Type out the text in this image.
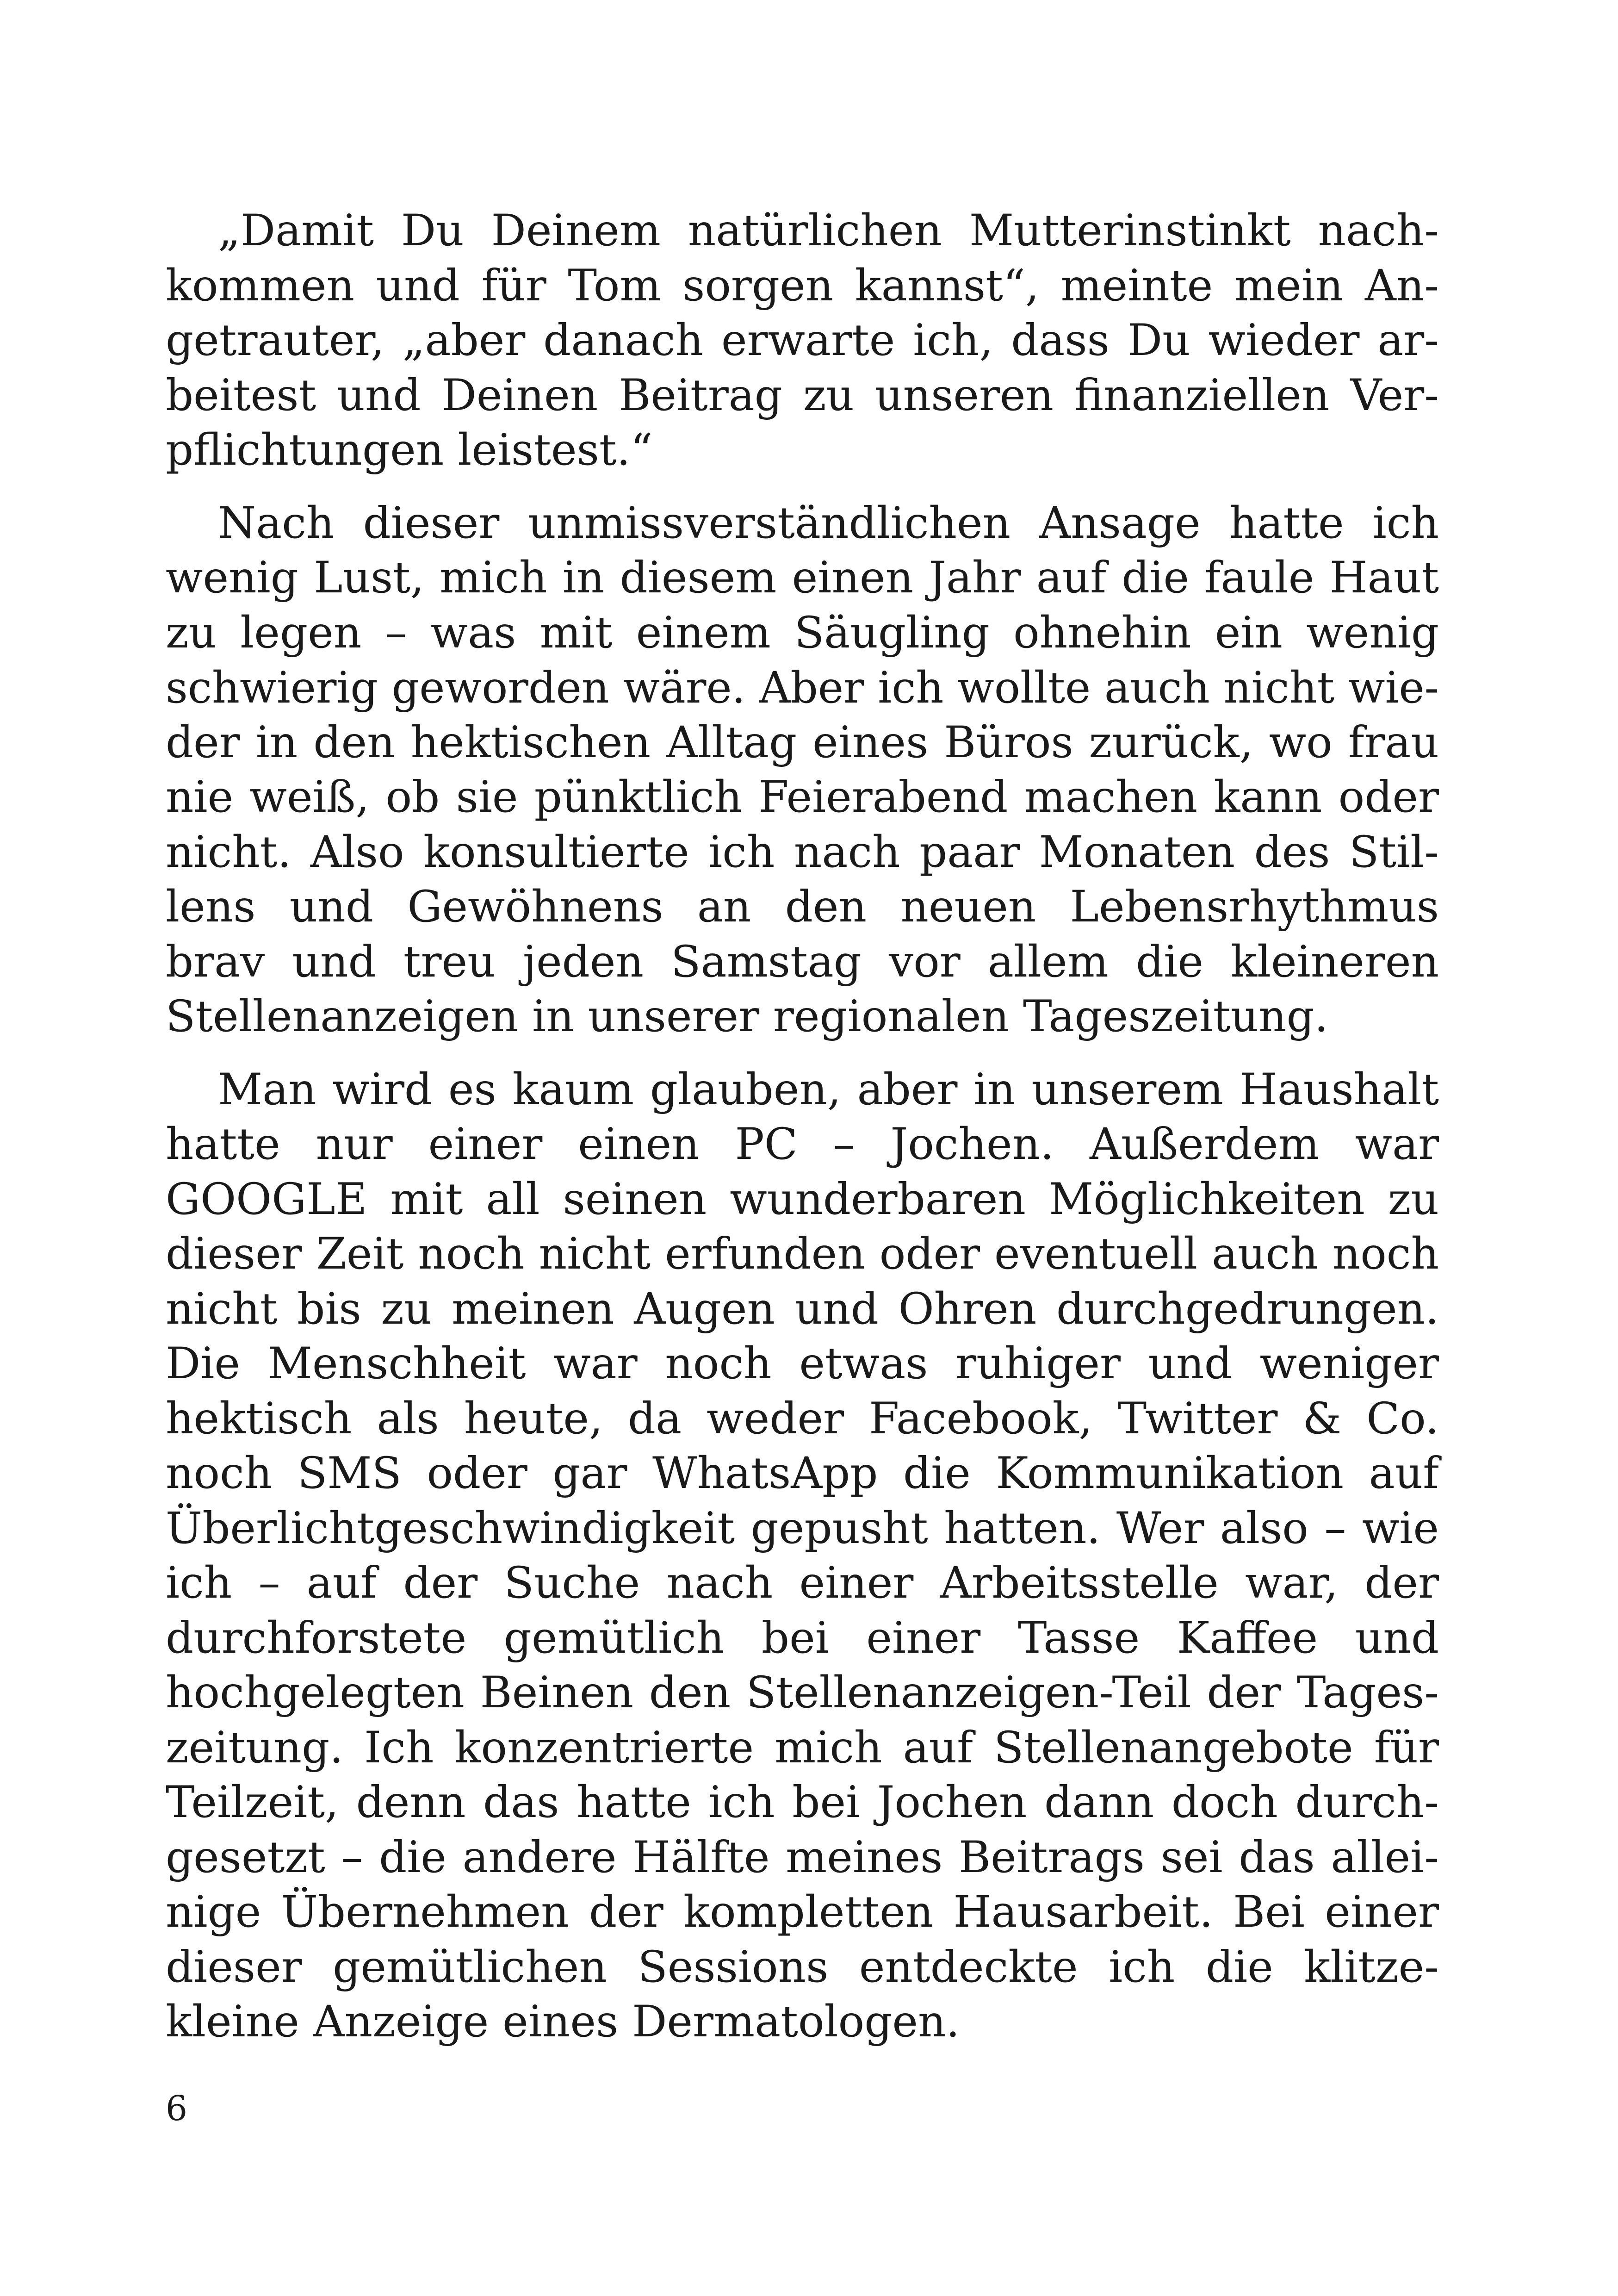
„Damit Du Deinem natürlichen Mutterinstinkt nach-
kommen und für Tom sorgen kannst“, meinte mein An-
getrauter, „aber danach erwarte ich, dass Du wieder ar-
beitest und Deinen Beitrag zu unseren finanziellen Ver-
pflichtungen leistest.“
Nach dieser unmissverständlichen Ansage hatte ich
wenig Lust, mich in diesem einen Jahr auf die faule Haut
zu legen – was mit einem Säugling ohnehin ein wenig
schwierig geworden wäre. Aber ich wollte auch nicht wie-
der in den hektischen Alltag eines Büros zurück, wo frau
nie weiß, ob sie pünktlich Feierabend machen kann oder
nicht. Also konsultierte ich nach paar Monaten des Stil-
lens und Gewöhnens an den neuen Lebensrhythmus
brav und treu jeden Samstag vor allem die kleineren
Stellenanzeigen in unserer regionalen Tageszeitung.
Man wird es kaum glauben, aber in unserem Haushalt
hatte nur einer einen PC – Jochen. Außerdem war
GOOGLE mit all seinen wunderbaren Möglichkeiten zu
dieser Zeit noch nicht erfunden oder eventuell auch noch
nicht bis zu meinen Augen und Ohren durchgedrungen.
Die Menschheit war noch etwas ruhiger und weniger
hektisch als heute, da weder Facebook, Twitter & Co.
noch SMS oder gar WhatsApp die Kommunikation auf
Überlichtgeschwindigkeit gepusht hatten. Wer also – wie
ich – auf der Suche nach einer Arbeitsstelle war, der
durchforstete gemütlich bei einer Tasse Kaffee und
hochgelegten Beinen den Stellenanzeigen-Teil der Tages-
zeitung. Ich konzentrierte mich auf Stellenangebote für
Teilzeit, denn das hatte ich bei Jochen dann doch durch-
gesetzt – die andere Hälfte meines Beitrags sei das allei-
nige Übernehmen der kompletten Hausarbeit. Bei einer
dieser gemütlichen Sessions entdeckte ich die klitze-
kleine Anzeige eines Dermatologen.
6
